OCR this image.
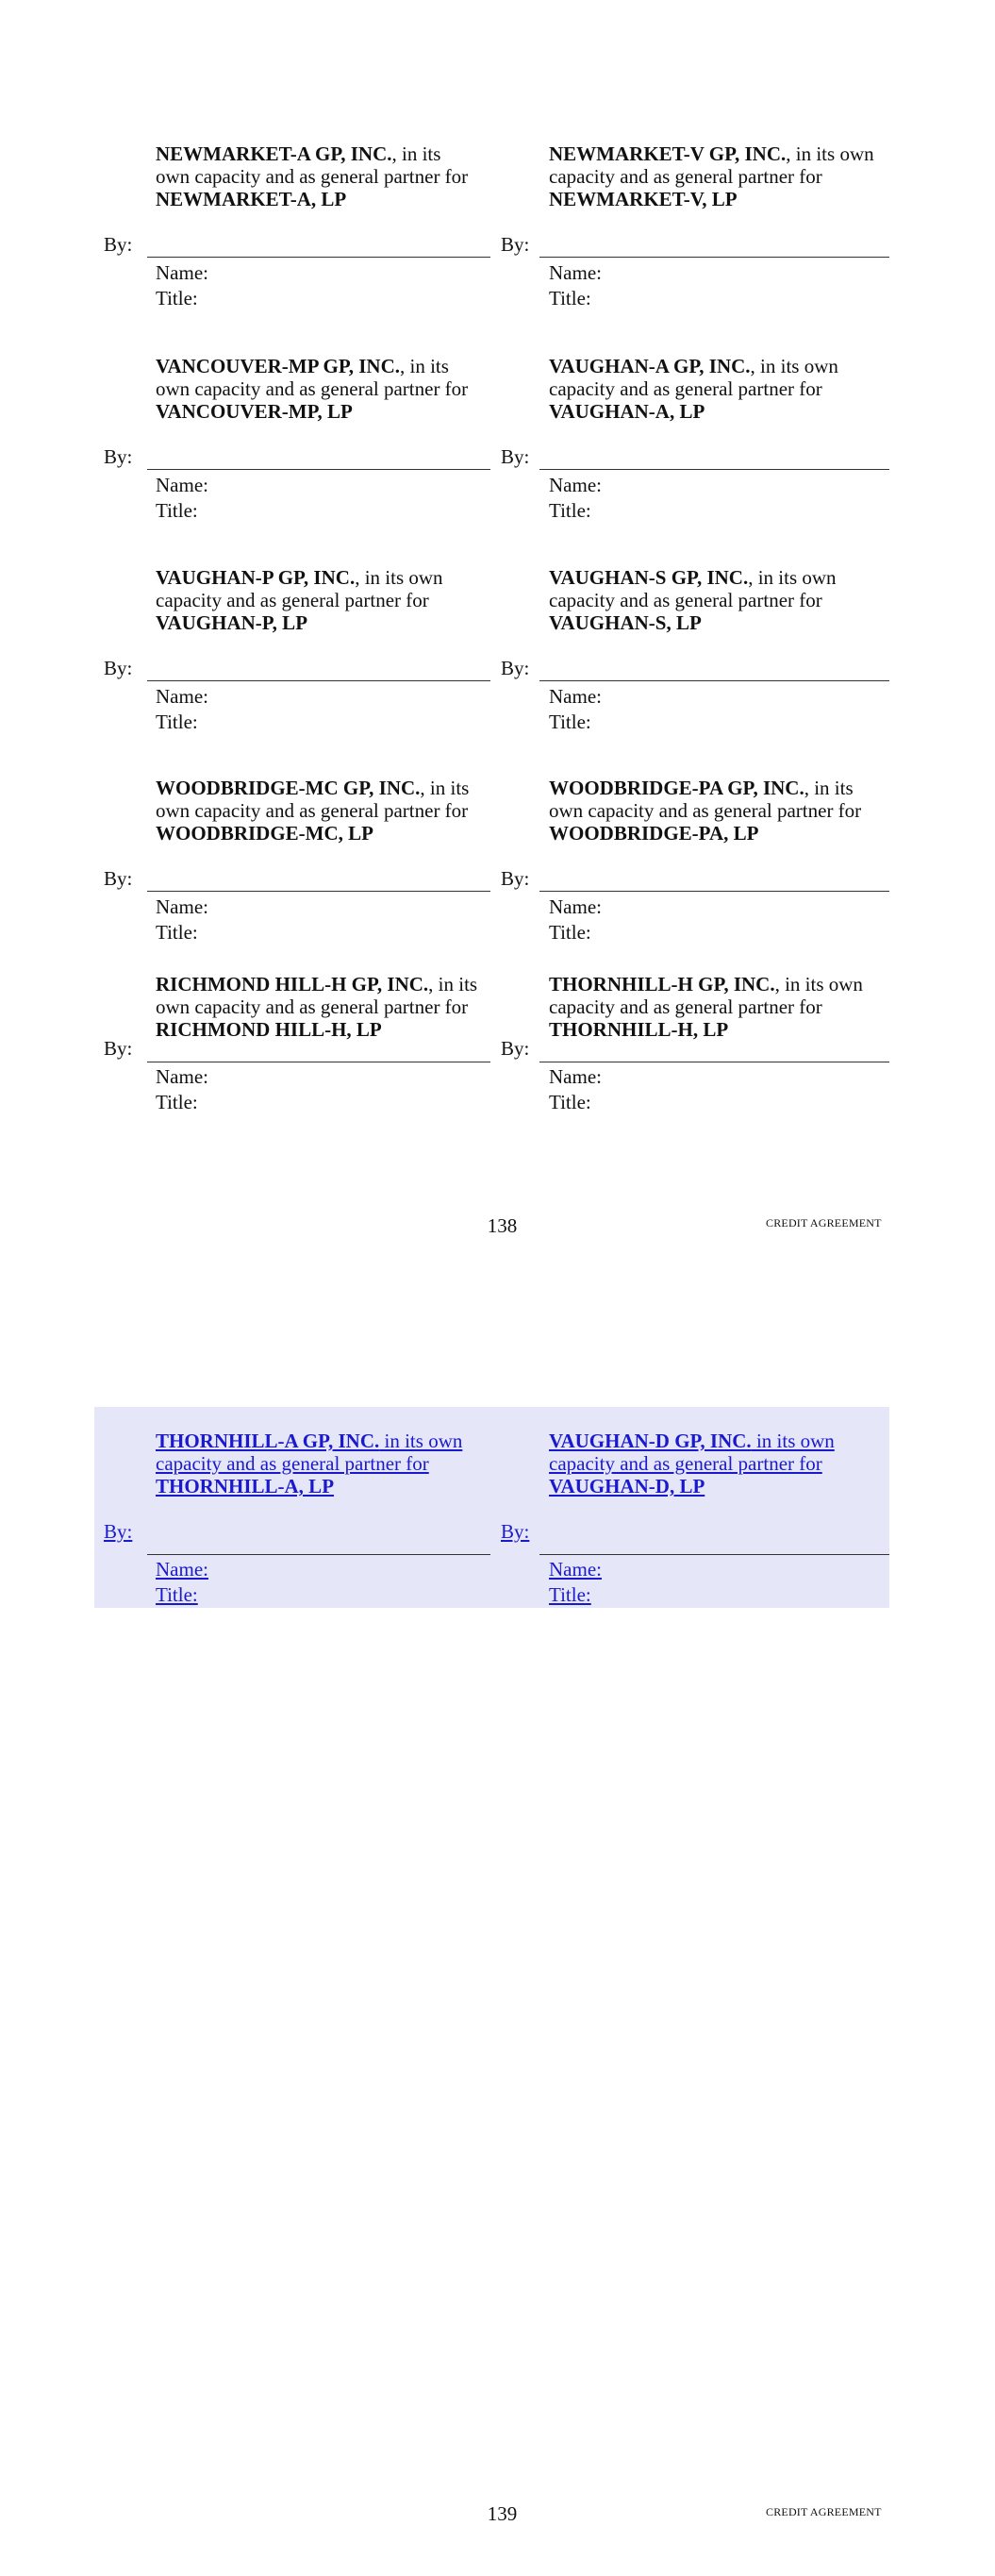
NEWMARKET-A GP, INC., in its
own capacity and as general partner for
NEWMARKET-A, LP

NEWMARKET-V GP, INC., in its own
capacity and as general partner for
NEWMARKET-V, LP

By:	By:
Name:	Name:
Title:	Title:

VANCOUVER-MP GP, INC., in its
own capacity and as general partner for
VANCOUVER-MP, LP

VAUGHAN-A GP, INC., in its own
capacity and as general partner for
VAUGHAN-A, LP

By:	By:
Name:	Name:
Title:	Title:

VAUGHAN-P GP, INC., in its own
capacity and as general partner for
VAUGHAN-P, LP

VAUGHAN-S GP, INC., in its own
capacity and as general partner for
VAUGHAN-S, LP

By:	By:
Name:	Name:
Title:	Title:

WOODBRIDGE-MC GP, INC., in its
own capacity and as general partner for
WOODBRIDGE-MC, LP

WOODBRIDGE-PA GP, INC., in its
own capacity and as general partner for
WOODBRIDGE-PA, LP

By:	By:
Name:	Name:
Title:	Title:

RICHMOND HILL-H GP, INC., in its
own capacity and as general partner for
RICHMOND HILL-H, LP

THORNHILL-H GP, INC., in its own
capacity and as general partner for
THORNHILL-H, LP

By:	By:
Name:	Name:
Title:	Title:
138	CREDIT AGREEMENT

THORNHILL-A GP, INC. in its own
capacity and as general partner for
THORNHILL-A, LP

VAUGHAN-D GP, INC. in its own
capacity and as general partner for
VAUGHAN-D, LP

By:	By:
Name:	Name:
Title:	Title:
139	CREDIT AGREEMENT
